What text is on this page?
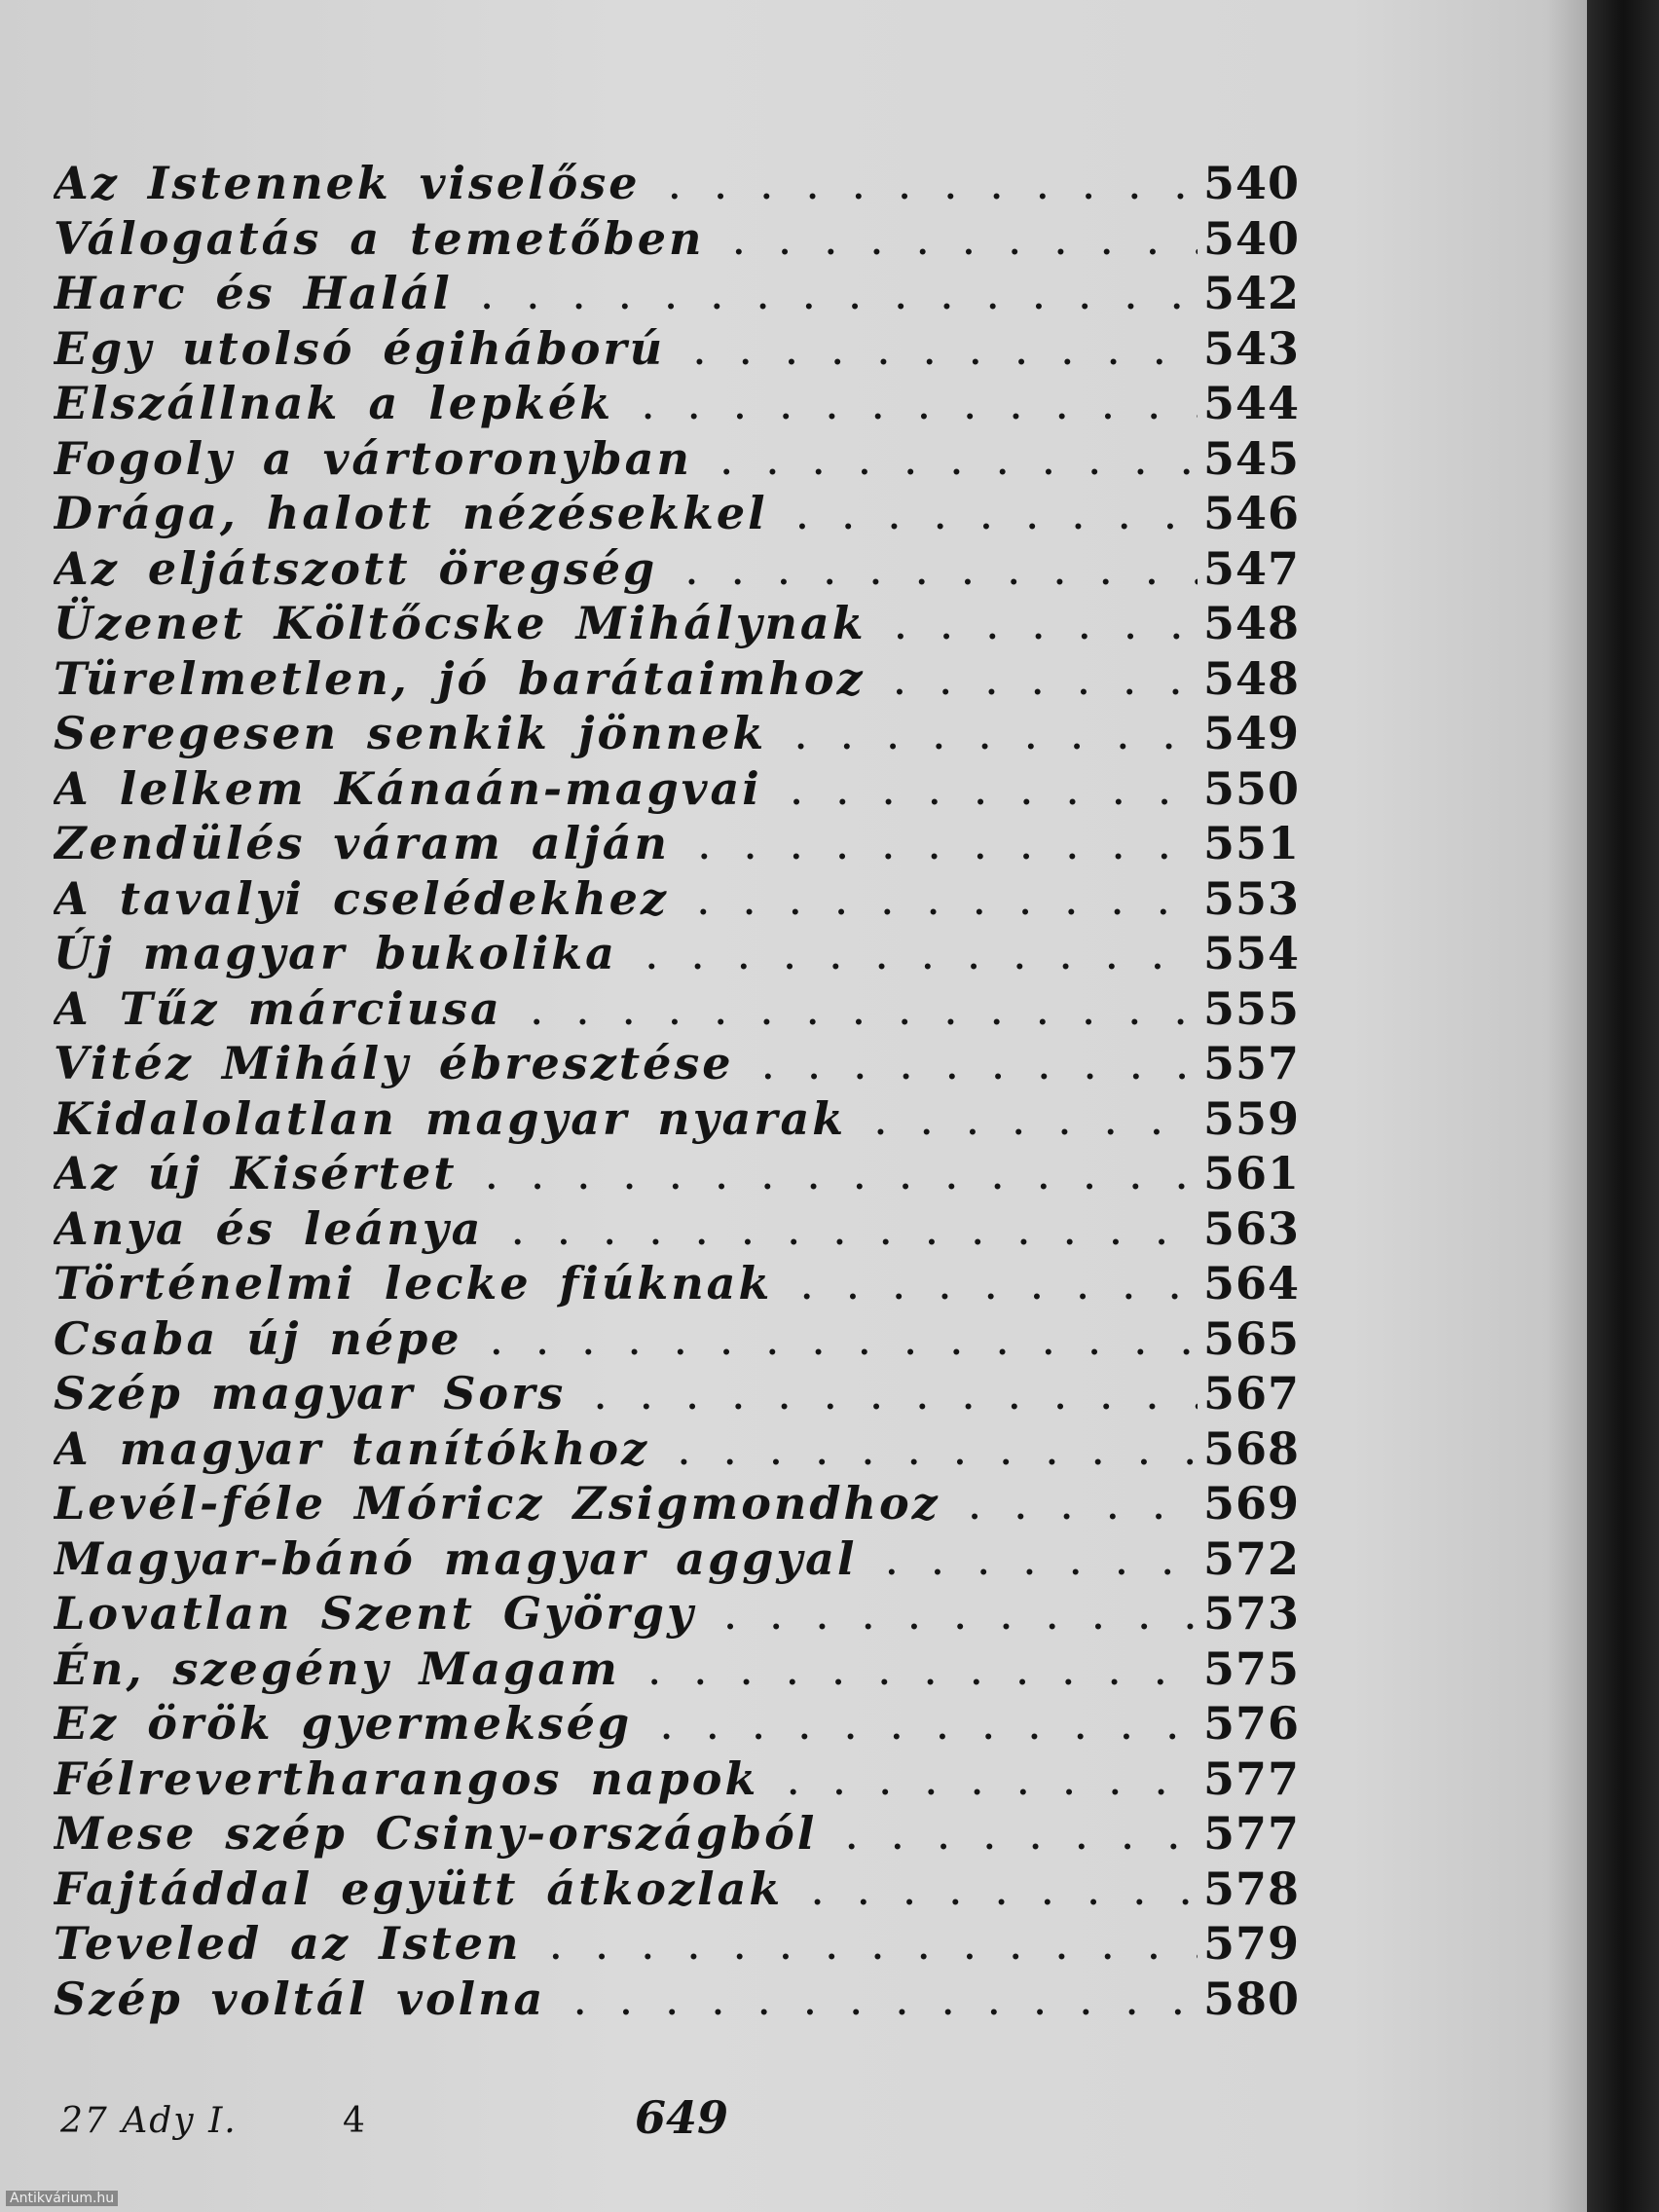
Az Istennek viselőse . . .	540
Válogatás a temetőben . . .	540
Harc és Halál . . .	542
Egy utolsó égiháború . . .	543
Elszállnak a lepkék . . .	544
Fogoly a vártoronyban . . .	545
Drága, halott nézésekkel . . .	546
Az eljátszott öregség . . .	547
Üzenet Költőcske Mihálynak . . .	548
Türelmetlen, jó barátaimhoz . . .	548
Seregesen senkik jönnek . . .	549
A lelkem Kánaán-magvai . . .	550
Zendülés váram alján . . .	551
A tavalyi cselédekhez . . .	553
Új magyar bukolika . . .	554
A Tűz márciusa . . .	555
Vitéz Mihály ébresztése . . .	557
Kidalolatlan magyar nyarak . . .	559
Az új Kisértet . . .	561
Anya és leánya . . .	563
Történelmi lecke fiúknak . . .	564
Csaba új népe . . .	565
Szép magyar Sors . . .	567
A magyar tanítókhoz . . .	568
Levél-féle Móricz Zsigmondhoz . . .	569
Magyar-bánó magyar aggyal . . .	572
Lovatlan Szent György . . .	573
Én, szegény Magam . . .	575
Ez örök gyermekség . . .	576
Félrevertharangos napok . . .	577
Mese szép Csiny-országból . . .	577
Fajtáddal együtt átkozlak . . .	578
Teveled az Isten . . .	579
Szép voltál volna . . .	580
27 Ady I.	4	649
Antikvárium.hu
